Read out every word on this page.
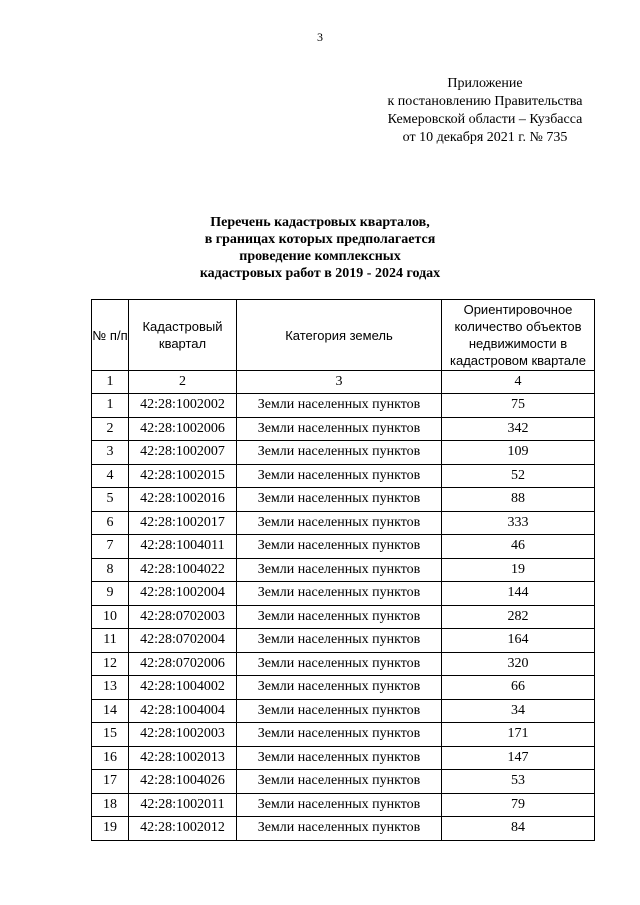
3
Приложение
к постановлению Правительства
Кемеровской области – Кузбасса
от 10 декабря 2021 г. № 735
Перечень кадастровых кварталов,
в границах которых предполагается
проведение комплексных
кадастровых работ в 2019 - 2024 годах
№ п/п	Кадастровый квартал	Категория земель	Ориентировочное количество объектов недвижимости в кадастровом квартале
1	2	3	4
1	42:28:1002002	Земли населенных пунктов	75
2	42:28:1002006	Земли населенных пунктов	342
3	42:28:1002007	Земли населенных пунктов	109
4	42:28:1002015	Земли населенных пунктов	52
5	42:28:1002016	Земли населенных пунктов	88
6	42:28:1002017	Земли населенных пунктов	333
7	42:28:1004011	Земли населенных пунктов	46
8	42:28:1004022	Земли населенных пунктов	19
9	42:28:1002004	Земли населенных пунктов	144
10	42:28:0702003	Земли населенных пунктов	282
11	42:28:0702004	Земли населенных пунктов	164
12	42:28:0702006	Земли населенных пунктов	320
13	42:28:1004002	Земли населенных пунктов	66
14	42:28:1004004	Земли населенных пунктов	34
15	42:28:1002003	Земли населенных пунктов	171
16	42:28:1002013	Земли населенных пунктов	147
17	42:28:1004026	Земли населенных пунктов	53
18	42:28:1002011	Земли населенных пунктов	79
19	42:28:1002012	Земли населенных пунктов	84
